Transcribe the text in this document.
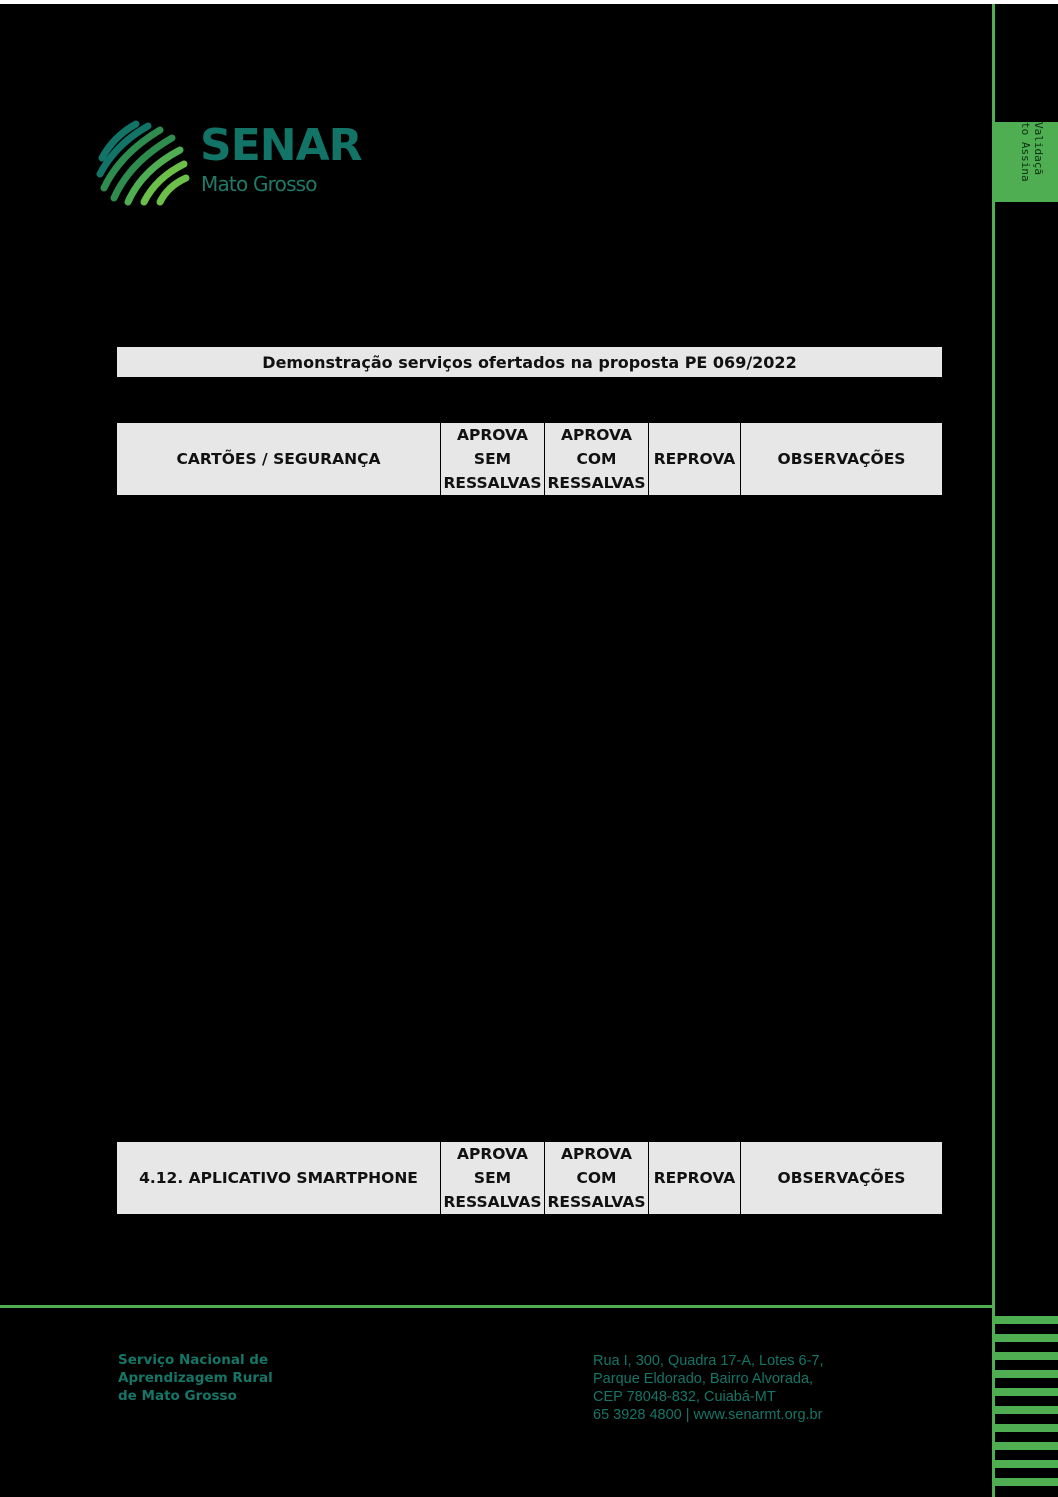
Validaçã
to Assina
SENAR
Mato Grosso
Demonstração serviços ofertados na proposta PE 069/2022
CARTÕES / SEGURANÇA
APROVA
SEM
RESSALVAS
APROVA
COM
RESSALVAS
REPROVA	OBSERVAÇÕES
4.12. APLICATIVO SMARTPHONE
APROVA
SEM
RESSALVAS
APROVA
COM
RESSALVAS
REPROVA	OBSERVAÇÕES
Serviço Nacional de
Aprendizagem Rural
de Mato Grosso
Rua I, 300, Quadra 17-A, Lotes 6-7,
Parque Eldorado, Bairro Alvorada,
CEP 78048-832, Cuiabá-MT
65 3928 4800 | www.senarmt.org.br
